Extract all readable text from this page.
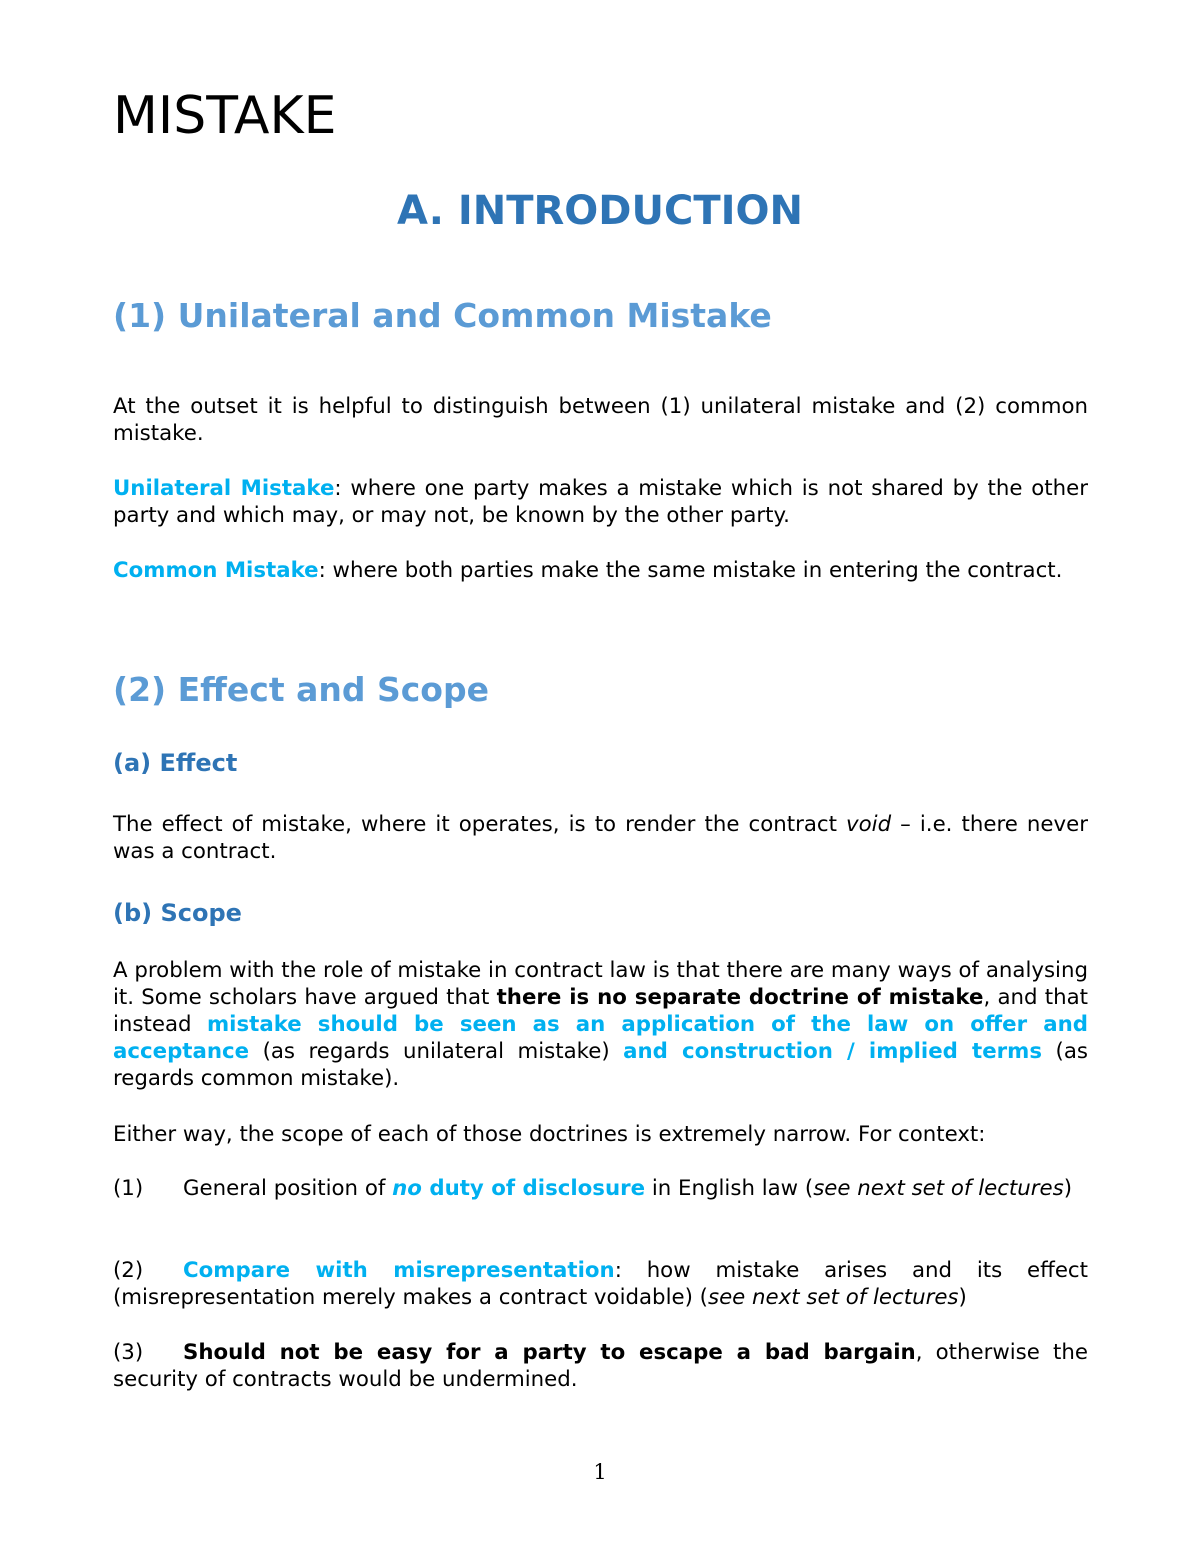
MISTAKE
A. INTRODUCTION
(1) Unilateral and Common Mistake

At the outset it is helpful to distinguish between (1) unilateral mistake and (2) common mistake.

Unilateral Mistake: where one party makes a mistake which is not shared by the other party and which may, or may not, be known by the other party.

Common Mistake: where both parties make the same mistake in entering the contract.

(2) Effect and Scope
(a) Effect

The effect of mistake, where it operates, is to render the contract void – i.e. there never was a contract.

(b) Scope

A problem with the role of mistake in contract law is that there are many ways of analysing it. Some scholars have argued that there is no separate doctrine of mistake, and that instead mistake should be seen as an application of the law on offer and acceptance (as regards unilateral mistake) and construction / implied terms (as regards common mistake).

Either way, the scope of each of those doctrines is extremely narrow. For context:

(1) General position of no duty of disclosure in English law (see next set of lectures)

(2) Compare with misrepresentation: how mistake arises and its effect (misrepresentation merely makes a contract voidable) (see next set of lectures)

(3) Should not be easy for a party to escape a bad bargain, otherwise the security of contracts would be undermined.

1
